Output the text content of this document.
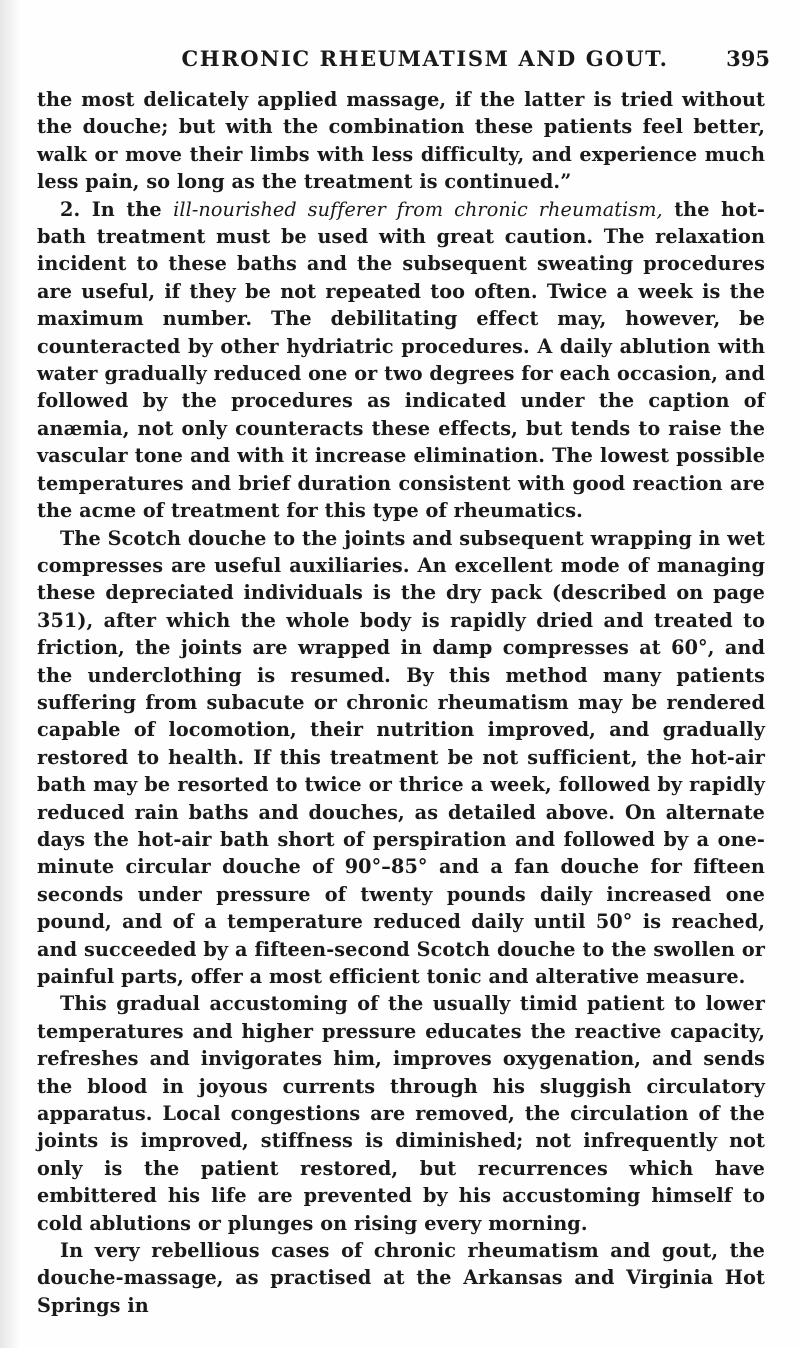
CHRONIC RHEUMATISM AND GOUT.	395

the most delicately applied massage, if the latter is tried without the douche; but with the combination these patients feel better, walk or move their limbs with less difficulty, and experience much less pain, so long as the treatment is continued.”

2. In the ill-nourished sufferer from chronic rheumatism, the hot-bath treatment must be used with great caution. The relaxation incident to these baths and the subsequent sweating procedures are useful, if they be not repeated too often. Twice a week is the maximum number. The debilitating effect may, however, be counteracted by other hydriatric procedures. A daily ablution with water gradually reduced one or two degrees for each occasion, and followed by the procedures as indicated under the caption of anæmia, not only counteracts these effects, but tends to raise the vascular tone and with it increase elimination. The lowest possible temperatures and brief duration consistent with good reaction are the acme of treatment for this type of rheumatics.

The Scotch douche to the joints and subsequent wrapping in wet compresses are useful auxiliaries. An excellent mode of managing these depreciated individuals is the dry pack (described on page 351), after which the whole body is rapidly dried and treated to friction, the joints are wrapped in damp compresses at 60°, and the underclothing is resumed. By this method many patients suffering from subacute or chronic rheumatism may be rendered capable of locomotion, their nutrition improved, and gradually restored to health. If this treatment be not sufficient, the hot-air bath may be resorted to twice or thrice a week, followed by rapidly reduced rain baths and douches, as detailed above. On alternate days the hot-air bath short of perspiration and followed by a one-minute circular douche of 90°–85° and a fan douche for fifteen seconds under pressure of twenty pounds daily increased one pound, and of a temperature reduced daily until 50° is reached, and succeeded by a fifteen-second Scotch douche to the swollen or painful parts, offer a most efficient tonic and alterative measure.

This gradual accustoming of the usually timid patient to lower temperatures and higher pressure educates the reactive capacity, refreshes and invigorates him, improves oxygenation, and sends the blood in joyous currents through his sluggish circulatory apparatus. Local congestions are removed, the circulation of the joints is improved, stiffness is diminished; not infrequently not only is the patient restored, but recurrences which have embittered his life are prevented by his accustoming himself to cold ablutions or plunges on rising every morning.

In very rebellious cases of chronic rheumatism and gout, the douche-massage, as practised at the Arkansas and Virginia Hot Springs in
